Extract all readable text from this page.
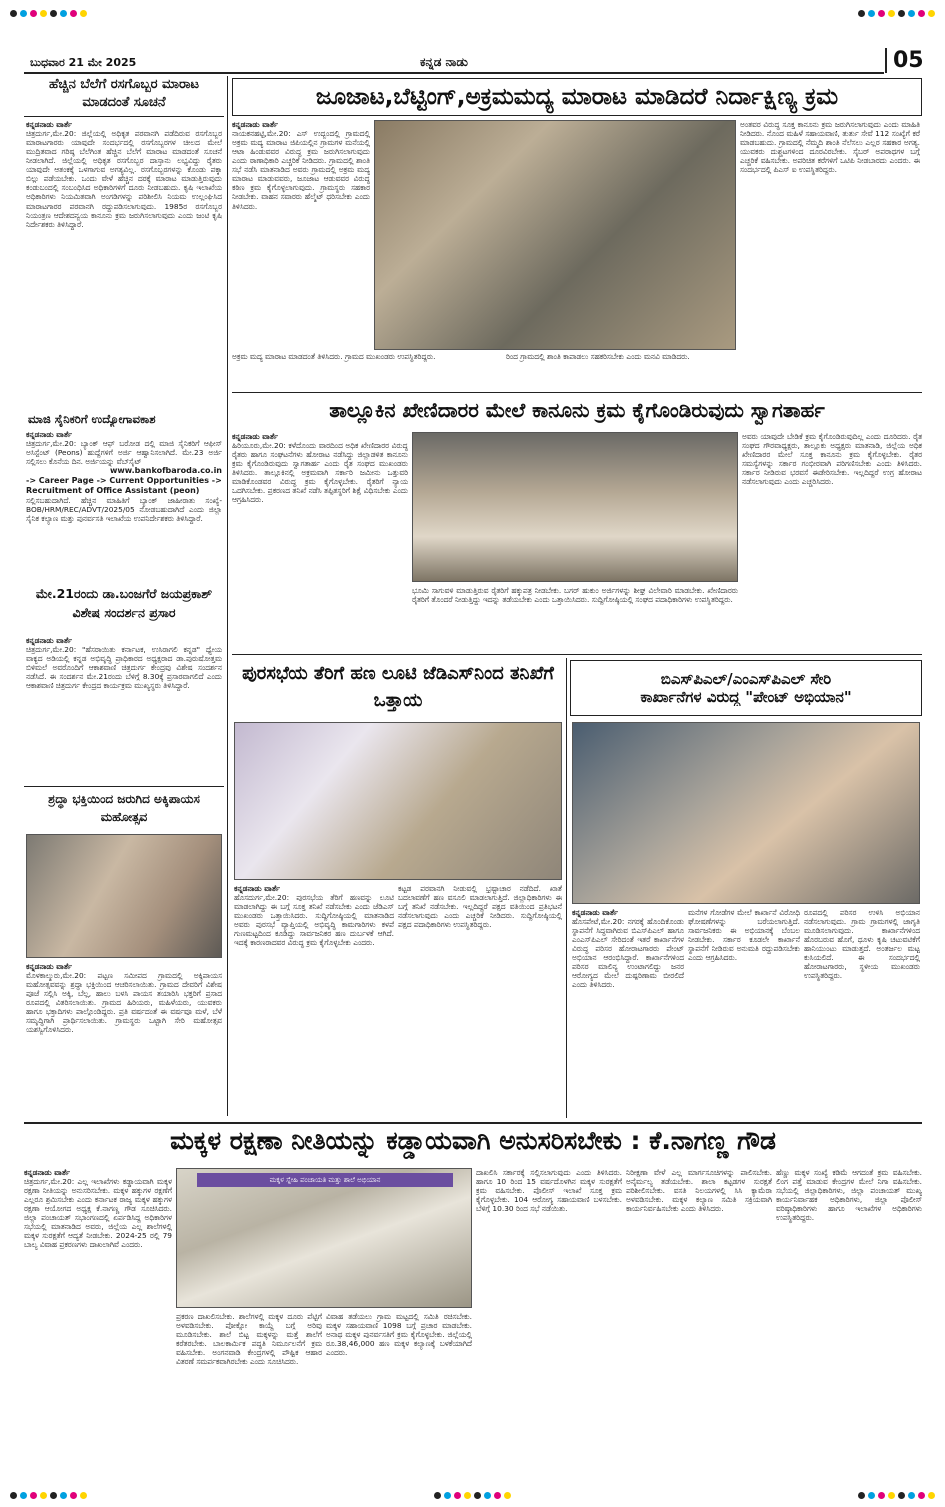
ಬುಧವಾರ 21 ಮೇ 2025	ಕನ್ನಡ ನಾಡು	05
ಹೆಚ್ಚಿನ ಬೆಲೆಗೆ ರಸಗೊಬ್ಬರ ಮಾರಾಟ ಮಾಡದಂತೆ ಸೂಚನೆ
ಕನ್ನಡನಾಡು ವಾರ್ತೆ
ಚಿತ್ರದುರ್ಗ,ಮೇ.20: ಜಿಲ್ಲೆಯಲ್ಲಿ ಅಧಿಕೃತ ಪರವಾನಗಿ ಪಡೆದಿರುವ ರಸಗೊಬ್ಬರ ಮಾರಾಟಗಾರರು ಯಾವುದೇ ಸಂದರ್ಭದಲ್ಲಿ ರಸಗೊಬ್ಬರಗಳ ಚೀಲದ ಮೇಲೆ ಮುದ್ರಿತವಾದ ಗರಿಷ್ಠ ಬೆಲೆಗಿಂತ ಹೆಚ್ಚಿನ ಬೆಲೆಗೆ ಮಾರಾಟ ಮಾಡದಂತೆ ಸೂಚನೆ ನೀಡಲಾಗಿದೆ. ಜಿಲ್ಲೆಯಲ್ಲಿ ಅಧಿಕೃತ ರಸಗೊಬ್ಬರ ದಾಸ್ತಾನು ಲಭ್ಯವಿದ್ದು ರೈತರು ಯಾವುದೇ ಆತಂಕಕ್ಕೆ ಒಳಗಾಗುವ ಅಗತ್ಯವಿಲ್ಲ. ರಸಗೊಬ್ಬರಗಳನ್ನು ಕೊಂಡು ಪಕ್ಕಾ ಬಿಲ್ಲು ಪಡೆಯಬೇಕು. ಒಂದು ವೇಳೆ ಹೆಚ್ಚಿನ ದರಕ್ಕೆ ಮಾರಾಟ ಮಾಡುತ್ತಿರುವುದು ಕಂಡುಬಂದಲ್ಲಿ ಸಂಬಂಧಿಸಿದ ಅಧಿಕಾರಿಗಳಿಗೆ ದೂರು ನೀಡಬಹುದು. ಕೃಷಿ ಇಲಾಖೆಯ ಅಧಿಕಾರಿಗಳು ನಿಯಮಿತವಾಗಿ ಅಂಗಡಿಗಳನ್ನು ಪರಿಶೀಲಿಸಿ ನಿಯಮ ಉಲ್ಲಂಘಿಸಿದ ಮಾರಾಟಗಾರರ ಪರವಾನಗಿ ರದ್ದುಪಡಿಸಲಾಗುವುದು. 1985ರ ರಸಗೊಬ್ಬರ ನಿಯಂತ್ರಣ ಆದೇಶದನ್ವಯ ಕಾನೂನು ಕ್ರಮ ಜರುಗಿಸಲಾಗುವುದು ಎಂದು ಜಂಟಿ ಕೃಷಿ ನಿರ್ದೇಶಕರು ತಿಳಿಸಿದ್ದಾರೆ.
ಮಾಜಿ ಸೈನಿಕರಿಗೆ ಉದ್ಯೋಗಾವಕಾಶ
ಕನ್ನಡನಾಡು ವಾರ್ತೆ
ಚಿತ್ರದುರ್ಗ,ಮೇ.20: ಬ್ಯಾಂಕ್ ಆಫ್ ಬರೋಡ ದಲ್ಲಿ ಮಾಜಿ ಸೈನಿಕರಿಗೆ ಆಫೀಸ್ ಅಸಿಸ್ಟೆಂಟ್ (Peons) ಹುದ್ದೆಗಳಿಗೆ ಅರ್ಜಿ ಆಹ್ವಾನಿಸಲಾಗಿದೆ. ಮೇ.23 ಅರ್ಜಿ ಸಲ್ಲಿಸಲು ಕೊನೆಯ ದಿನ. ಅರ್ಜಿಯನ್ನು ವೆಬ್‍ಸೈಟ್
www.bankofbaroda.co.in
-> Career Page -> Current Opportunities ->
Recruitment of Office Assistant (peon)
ಸಲ್ಲಿಸಬಹುದಾಗಿದೆ. ಹೆಚ್ಚಿನ ಮಾಹಿತಿಗೆ ಬ್ಯಾಂಕ್ ಜಾಹೀರಾತು ಸಂಖ್ಯೆ-BOB/HRM/REC/ADVT/2025/05 ನೋಡಬಹುದಾಗಿದೆ ಎಂದು ಜಿಲ್ಲಾ ಸೈನಿಕ ಕಲ್ಯಾಣ ಮತ್ತು ಪುನರ್ವಸತಿ ಇಲಾಖೆಯ ಉಪನಿರ್ದೇಶಕರು ತಿಳಿಸಿದ್ದಾರೆ.
ಮೇ.21ರಂದು ಡಾ.ಬಂಜಗೆರೆ ಜಯಪ್ರಕಾಶ್ ವಿಶೇಷ ಸಂದರ್ಶನ ಪ್ರಸಾರ
ಕನ್ನಡನಾಡು ವಾರ್ತೆ
ಚಿತ್ರದುರ್ಗ,ಮೇ.20: "ಹೆಸರಾಯಿತು ಕರ್ನಾಟಕ, ಉಸಿರಾಗಲಿ ಕನ್ನಡ" ಧ್ಯೇಯ ವಾಕ್ಯದ ಅಡಿಯಲ್ಲಿ ಕನ್ನಡ ಅಭಿವೃದ್ಧಿ ಪ್ರಾಧಿಕಾರದ ಅಧ್ಯಕ್ಷರಾದ ಡಾ.ಪುರುಷೋತ್ತಮ ಬಿಳಿಮಲೆ ಅವರೊಂದಿಗೆ ಆಕಾಶವಾಣಿ ಚಿತ್ರದುರ್ಗ ಕೇಂದ್ರವು ವಿಶೇಷ ಸಂದರ್ಶನ ನಡೆಸಿದೆ. ಈ ಸಂದರ್ಶನ ಮೇ.21ರಂದು ಬೆಳಿಗ್ಗೆ 8.30ಕ್ಕೆ ಪ್ರಸಾರವಾಗಲಿದೆ ಎಂದು ಆಕಾಶವಾಣಿ ಚಿತ್ರದುರ್ಗ ಕೇಂದ್ರದ ಕಾರ್ಯಕ್ರಮ ಮುಖ್ಯಸ್ಥರು ತಿಳಿಸಿದ್ದಾರೆ.
ಶ್ರದ್ಧಾ ಭಕ್ತಿಯಿಂದ ಜರುಗಿದ ಅಕ್ಕಿಪಾಯಸ ಮಹೋತ್ಸವ
ಕನ್ನಡನಾಡು ವಾರ್ತೆ
ಮೊಳಕಾಲ್ಮುರು,ಮೇ.20: ಪಟ್ಟಣ ಸಮೀಪದ ಗ್ರಾಮದಲ್ಲಿ ಅಕ್ಕಿಪಾಯಸ ಮಹೋತ್ಸವವನ್ನು ಶ್ರದ್ಧಾ ಭಕ್ತಿಯಿಂದ ಆಚರಿಸಲಾಯಿತು. ಗ್ರಾಮದ ದೇವರಿಗೆ ವಿಶೇಷ ಪೂಜೆ ಸಲ್ಲಿಸಿ ಅಕ್ಕಿ, ಬೆಲ್ಲ, ಹಾಲು ಬಳಸಿ ಪಾಯಸ ತಯಾರಿಸಿ ಭಕ್ತರಿಗೆ ಪ್ರಸಾದ ರೂಪದಲ್ಲಿ ವಿತರಿಸಲಾಯಿತು. ಗ್ರಾಮದ ಹಿರಿಯರು, ಮಹಿಳೆಯರು, ಯುವಕರು ಹಾಗೂ ಭಕ್ತಾದಿಗಳು ಪಾಲ್ಗೊಂಡಿದ್ದರು. ಪ್ರತಿ ವರ್ಷದಂತೆ ಈ ವರ್ಷವೂ ಮಳೆ, ಬೆಳೆ ಸಮೃದ್ಧಿಗಾಗಿ ಪ್ರಾರ್ಥಿಸಲಾಯಿತು. ಗ್ರಾಮಸ್ಥರು ಒಟ್ಟಾಗಿ ಸೇರಿ ಮಹೋತ್ಸವ ಯಶಸ್ವಿಗೊಳಿಸಿದರು.
ಜೂಜಾಟ,ಬೆಟ್ಟಿಂಗ್,ಅಕ್ರಮಮದ್ಯ ಮಾರಾಟ ಮಾಡಿದರೆ ನಿರ್ದಾಕ್ಷಿಣ್ಯ ಕ್ರಮ
ಕನ್ನಡನಾಡು ವಾರ್ತೆ
ನಾಯಕನಹಟ್ಟಿ,ಮೇ.20: ಎಸ್ ಉದ್ಬಂದಲ್ಲಿ ಗ್ರಾಮದಲ್ಲಿ ಅಕ್ರಮ ಮದ್ಯ ಮಾರಾಟ ಜಿಪಿಯಲ್ಲಿನ ಗ್ರಾಮಗಳ ಮನೆಯಲ್ಲಿ ಆಟಾ ಹಿಂಡುವವರ ವಿರುದ್ಧ ಕ್ರಮ ಜರುಗಿಸಲಾಗುವುದು ಎಂದು ಠಾಣಾಧಿಕಾರಿ ಎಚ್ಚರಿಕೆ ನೀಡಿದರು. ಗ್ರಾಮದಲ್ಲಿ ಶಾಂತಿ ಸಭೆ ನಡೆಸಿ ಮಾತನಾಡಿದ ಅವರು ಗ್ರಾಮದಲ್ಲಿ ಅಕ್ರಮ ಮದ್ಯ ಮಾರಾಟ ಮಾಡುವವರು, ಜೂಜಾಟ ಆಡುವವರ ವಿರುದ್ಧ ಕಠಿಣ ಕ್ರಮ ಕೈಗೊಳ್ಳಲಾಗುವುದು. ಗ್ರಾಮಸ್ಥರು ಸಹಕಾರ ನೀಡಬೇಕು. ವಾಹನ ಸವಾರರು ಹೆಲ್ಮೆಟ್ ಧರಿಸಬೇಕು ಎಂದು ತಿಳಿಸಿದರು.
ಅಕ್ರಮ ಮದ್ಯ ಮಾರಾಟ ಮಾಡದಂತೆ ತಿಳಿಸಿದರು. ಗ್ರಾಮದ ಮುಖಂಡರು ಉಪಸ್ಥಿತರಿದ್ದರು.	ರಿಂದ ಗ್ರಾಮದಲ್ಲಿ ಶಾಂತಿ ಕಾಪಾಡಲು ಸಹಕರಿಸಬೇಕು ಎಂದು ಮನವಿ ಮಾಡಿದರು.
ಅಂತವರ ವಿರುದ್ಧ ಸೂಕ್ತ ಕಾನೂನು ಕ್ರಮ ಜರುಗಿಸಲಾಗುವುದು ಎಂದು ಮಾಹಿತಿ ನೀಡಿದರು. ನೊಂದ ಮಹಿಳೆ ಸಹಾಯವಾಣಿ, ತುರ್ತು ಸೇವೆ 112 ಸಂಖ್ಯೆಗೆ ಕರೆ ಮಾಡಬಹುದು. ಗ್ರಾಮದಲ್ಲಿ ನೆಮ್ಮದಿ ಶಾಂತಿ ನೆಲೆಸಲು ಎಲ್ಲರ ಸಹಕಾರ ಅಗತ್ಯ. ಯುವಕರು ದುಶ್ಚಟಗಳಿಂದ ದೂರವಿರಬೇಕು. ಸೈಬರ್ ಅಪರಾಧಗಳ ಬಗ್ಗೆ ಎಚ್ಚರಿಕೆ ವಹಿಸಬೇಕು. ಅಪರಿಚಿತ ಕರೆಗಳಿಗೆ ಒಟಿಪಿ ನೀಡಬಾರದು ಎಂದರು. ಈ ಸಂದರ್ಭದಲ್ಲಿ ಪಿಎಸ್ ಐ ಉಪಸ್ಥಿತರಿದ್ದರು.
ತಾಲ್ಲೂಕಿನ ಖೇಣಿದಾರರ ಮೇಲೆ ಕಾನೂನು ಕ್ರಮ ಕೈಗೊಂಡಿರುವುದು ಸ್ವಾಗತಾರ್ಹ
ಕನ್ನಡನಾಡು ವಾರ್ತೆ
ಹಿರಿಯೂರು,ಮೇ.20: ಕಳೆದೊಂದು ವಾರದಿಂದ ಅಧಿಕ ಖೇಣಿದಾರರ ವಿರುದ್ಧ ರೈತರು ಹಾಗೂ ಸಂಘಟನೆಗಳು ಹೋರಾಟ ನಡೆಸಿದ್ದು ಜಿಲ್ಲಾಡಳಿತ ಕಾನೂನು ಕ್ರಮ ಕೈಗೊಂಡಿರುವುದು ಸ್ವಾಗತಾರ್ಹ ಎಂದು ರೈತ ಸಂಘದ ಮುಖಂಡರು ತಿಳಿಸಿದರು. ತಾಲ್ಲೂಕಿನಲ್ಲಿ ಅಕ್ರಮವಾಗಿ ಸರ್ಕಾರಿ ಜಮೀನು ಒತ್ತುವರಿ ಮಾಡಿಕೊಂಡವರ ವಿರುದ್ಧ ಕ್ರಮ ಕೈಗೊಳ್ಳಬೇಕು. ರೈತರಿಗೆ ನ್ಯಾಯ ಒದಗಿಸಬೇಕು. ಪ್ರಕರಣದ ತನಿಖೆ ನಡೆಸಿ ತಪ್ಪಿತಸ್ಥರಿಗೆ ಶಿಕ್ಷೆ ವಿಧಿಸಬೇಕು ಎಂದು ಆಗ್ರಹಿಸಿದರು.
ಭೂಮಿ ಸಾಗುವಳಿ ಮಾಡುತ್ತಿರುವ ರೈತರಿಗೆ ಹಕ್ಕುಪತ್ರ ನೀಡಬೇಕು. ಬಗರ್ ಹುಕುಂ ಅರ್ಜಿಗಳನ್ನು ಶೀಘ್ರ ವಿಲೇವಾರಿ ಮಾಡಬೇಕು. ಖೇಣಿದಾರರು ರೈತರಿಗೆ ತೊಂದರೆ ನೀಡುತ್ತಿದ್ದು ಇದನ್ನು ತಡೆಯಬೇಕು ಎಂದು ಒತ್ತಾಯಿಸಿದರು. ಸುದ್ದಿಗೋಷ್ಠಿಯಲ್ಲಿ ಸಂಘದ ಪದಾಧಿಕಾರಿಗಳು ಉಪಸ್ಥಿತರಿದ್ದರು.
ಅವರು ಯಾವುದೇ ಬೇಡಿಕೆ ಕ್ರಮ ಕೈಗೊಂಡಿರುವುದಿಲ್ಲ ಎಂದು ದೂರಿದರು. ರೈತ ಸಂಘದ ಗೌರವಾಧ್ಯಕ್ಷರು, ತಾಲ್ಲೂಕು ಅಧ್ಯಕ್ಷರು ಮಾತನಾಡಿ, ಜಿಲ್ಲೆಯ ಅಧಿಕ ಖೇಣಿದಾರರ ಮೇಲೆ ಸೂಕ್ತ ಕಾನೂನು ಕ್ರಮ ಕೈಗೊಳ್ಳಬೇಕು. ರೈತರ ಸಮಸ್ಯೆಗಳನ್ನು ಸರ್ಕಾರ ಗಂಭೀರವಾಗಿ ಪರಿಗಣಿಸಬೇಕು ಎಂದು ತಿಳಿಸಿದರು. ಸರ್ಕಾರ ನೀಡಿರುವ ಭರವಸೆ ಈಡೇರಿಸಬೇಕು. ಇಲ್ಲದಿದ್ದರೆ ಉಗ್ರ ಹೋರಾಟ ನಡೆಸಲಾಗುವುದು ಎಂದು ಎಚ್ಚರಿಸಿದರು.
ಪುರಸಭೆಯ ತೆರಿಗೆ ಹಣ ಲೂಟಿ ಜೆಡಿಎಸ್‌ನಿಂದ ತನಿಖೆಗೆ ಒತ್ತಾಯ
ಕನ್ನಡನಾಡು ವಾರ್ತೆ
ಹೊಸದುರ್ಗ,ಮೇ.20: ಪುರಸಭೆಯ ತೆರಿಗೆ ಹಣವನ್ನು ಲೂಟಿ ಮಾಡಲಾಗಿದ್ದು ಈ ಬಗ್ಗೆ ಸೂಕ್ತ ತನಿಖೆ ನಡೆಸಬೇಕು ಎಂದು ಜೆಡಿಎಸ್ ಮುಖಂಡರು ಒತ್ತಾಯಿಸಿದರು. ಸುದ್ದಿಗೋಷ್ಠಿಯಲ್ಲಿ ಮಾತನಾಡಿದ ಅವರು ಪುರಸಭೆ ವ್ಯಾಪ್ತಿಯಲ್ಲಿ ಅಭಿವೃದ್ಧಿ ಕಾಮಗಾರಿಗಳು ಕಳಪೆ ಗುಣಮಟ್ಟದಿಂದ ಕೂಡಿದ್ದು ಸಾರ್ವಜನಿಕರ ಹಣ ದುರ್ಬಳಕೆ ಆಗಿದೆ. ಇದಕ್ಕೆ ಕಾರಣರಾದವರ ವಿರುದ್ಧ ಕ್ರಮ ಕೈಗೊಳ್ಳಬೇಕು ಎಂದರು.
ಕಟ್ಟಡ ಪರವಾನಗಿ ನೀಡುವಲ್ಲಿ ಭ್ರಷ್ಟಾಚಾರ ನಡೆದಿದೆ. ಖಾತೆ ಬದಲಾವಣೆಗೆ ಹಣ ವಸೂಲಿ ಮಾಡಲಾಗುತ್ತಿದೆ. ಜಿಲ್ಲಾಧಿಕಾರಿಗಳು ಈ ಬಗ್ಗೆ ತನಿಖೆ ನಡೆಸಬೇಕು. ಇಲ್ಲದಿದ್ದರೆ ಪಕ್ಷದ ವತಿಯಿಂದ ಪ್ರತಿಭಟನೆ ನಡೆಸಲಾಗುವುದು ಎಂದು ಎಚ್ಚರಿಕೆ ನೀಡಿದರು. ಸುದ್ದಿಗೋಷ್ಠಿಯಲ್ಲಿ ಪಕ್ಷದ ಪದಾಧಿಕಾರಿಗಳು ಉಪಸ್ಥಿತರಿದ್ದರು.
ಬಿಎಸ್‌ಪಿಎಲ್/ಎಂಎಸ್‌ಪಿಎಲ್ ಸೇರಿ
ಕಾರ್ಖಾನೆಗಳ ವಿರುದ್ಧ "ಪೇಂಟ್ ಅಭಿಯಾನ"
ಕನ್ನಡನಾಡು ವಾರ್ತೆ
ಹೊಸಪೇಟೆ,ಮೇ.20: ನಗರಕ್ಕೆ ಹೊಂದಿಕೊಂಡು ಸ್ಥಾಪನೆಗೆ ಸಿದ್ಧವಾಗಿರುವ ಬಿಎಸ್‌ಪಿಎಲ್ ಹಾಗೂ ಎಂಎಸ್‌ಪಿಎಲ್ ಸೇರಿದಂತೆ ಇತರೆ ಕಾರ್ಖಾನೆಗಳ ವಿರುದ್ಧ ಪರಿಸರ ಹೋರಾಟಗಾರರು ಪೇಂಟ್ ಅಭಿಯಾನ ಆರಂಭಿಸಿದ್ದಾರೆ. ಕಾರ್ಖಾನೆಗಳಿಂದ ಪರಿಸರ ಮಾಲಿನ್ಯ ಉಂಟಾಗಲಿದ್ದು ಜನರ ಆರೋಗ್ಯದ ಮೇಲೆ ದುಷ್ಪರಿಣಾಮ ಬೀರಲಿದೆ ಎಂದು ತಿಳಿಸಿದರು.
ಮನೆಗಳ ಗೋಡೆಗಳ ಮೇಲೆ ಕಾರ್ಖಾನೆ ವಿರೋಧಿ ಘೋಷಣೆಗಳನ್ನು ಬರೆಯಲಾಗುತ್ತಿದೆ. ಸಾರ್ವಜನಿಕರು ಈ ಅಭಿಯಾನಕ್ಕೆ ಬೆಂಬಲ ನೀಡಬೇಕು. ಸರ್ಕಾರ ಕೂಡಲೇ ಕಾರ್ಖಾನೆ ಸ್ಥಾಪನೆಗೆ ನೀಡಿರುವ ಅನುಮತಿ ರದ್ದುಪಡಿಸಬೇಕು ಎಂದು ಆಗ್ರಹಿಸಿದರು.
ರೂಪದಲ್ಲಿ ಪರಿಸರ ಉಳಿಸಿ ಅಭಿಯಾನ ನಡೆಸಲಾಗುವುದು. ಗ್ರಾಮ ಗ್ರಾಮಗಳಲ್ಲಿ ಜಾಗೃತಿ ಮೂಡಿಸಲಾಗುವುದು. ಕಾರ್ಖಾನೆಗಳಿಂದ ಹೊರಬರುವ ಹೊಗೆ, ಧೂಳು ಕೃಷಿ ಚಟುವಟಿಕೆಗೆ ಹಾನಿಯುಂಟು ಮಾಡುತ್ತದೆ. ಅಂತರ್ಜಲ ಮಟ್ಟ ಕುಸಿಯಲಿದೆ. ಈ ಸಂದರ್ಭದಲ್ಲಿ ಹೋರಾಟಗಾರರು, ಸ್ಥಳೀಯ ಮುಖಂಡರು ಉಪಸ್ಥಿತರಿದ್ದರು.
ಮಕ್ಕಳ ರಕ್ಷಣಾ ನೀತಿಯನ್ನು ಕಡ್ಡಾಯವಾಗಿ ಅನುಸರಿಸಬೇಕು : ಕೆ.ನಾಗಣ್ಣ ಗೌಡ
ಕನ್ನಡನಾಡು ವಾರ್ತೆ
ಚಿತ್ರದುರ್ಗ,ಮೇ.20: ಎಲ್ಲ ಇಲಾಖೆಗಳು ಕಡ್ಡಾಯವಾಗಿ ಮಕ್ಕಳ ರಕ್ಷಣಾ ನೀತಿಯನ್ನು ಅನುಸರಿಸಬೇಕು. ಮಕ್ಕಳ ಹಕ್ಕುಗಳ ರಕ್ಷಣೆಗೆ ಎಲ್ಲರೂ ಶ್ರಮಿಸಬೇಕು ಎಂದು ಕರ್ನಾಟಕ ರಾಜ್ಯ ಮಕ್ಕಳ ಹಕ್ಕುಗಳ ರಕ್ಷಣಾ ಆಯೋಗದ ಅಧ್ಯಕ್ಷ ಕೆ.ನಾಗಣ್ಣ ಗೌಡ ಸೂಚಿಸಿದರು. ಜಿಲ್ಲಾ ಪಂಚಾಯತ್ ಸಭಾಂಗಣದಲ್ಲಿ ಏರ್ಪಡಿಸಿದ್ದ ಅಧಿಕಾರಿಗಳ ಸಭೆಯಲ್ಲಿ ಮಾತನಾಡಿದ ಅವರು, ಜಿಲ್ಲೆಯ ಎಲ್ಲ ಶಾಲೆಗಳಲ್ಲಿ ಮಕ್ಕಳ ಸುರಕ್ಷತೆಗೆ ಆದ್ಯತೆ ನೀಡಬೇಕು. 2024-25 ರಲ್ಲಿ 79 ಬಾಲ್ಯ ವಿವಾಹ ಪ್ರಕರಣಗಳು ದಾಖಲಾಗಿವೆ ಎಂದರು.
ಮಕ್ಕಳ ಸ್ನೇಹಿ ಪಂಚಾಯತಿ ಮತ್ತು ಶಾಲೆ ಅಭಿಯಾನ
ಪ್ರಕರಣ ದಾಖಲಿಸಬೇಕು. ಶಾಲೆಗಳಲ್ಲಿ ಮಕ್ಕಳ ದೂರು ಪೆಟ್ಟಿಗೆ ಅಳವಡಿಸಬೇಕು. ಪೋಕ್ಸೋ ಕಾಯ್ದೆ ಬಗ್ಗೆ ಅರಿವು ಮೂಡಿಸಬೇಕು. ಶಾಲೆ ಬಿಟ್ಟ ಮಕ್ಕಳನ್ನು ಮತ್ತೆ ಶಾಲೆಗೆ ಕರೆತರಬೇಕು. ಬಾಲಕಾರ್ಮಿಕ ಪದ್ಧತಿ ನಿರ್ಮೂಲನೆಗೆ ಕ್ರಮ ವಹಿಸಬೇಕು. ಅಂಗನವಾಡಿ ಕೇಂದ್ರಗಳಲ್ಲಿ ಪೌಷ್ಟಿಕ ಆಹಾರ ವಿತರಣೆ ಸಮರ್ಪಕವಾಗಿರಬೇಕು ಎಂದು ಸೂಚಿಸಿದರು.
ವಿವಾಹ ತಡೆಯಲು ಗ್ರಾಮ ಮಟ್ಟದಲ್ಲಿ ಸಮಿತಿ ರಚಿಸಬೇಕು. ಮಕ್ಕಳ ಸಹಾಯವಾಣಿ 1098 ಬಗ್ಗೆ ಪ್ರಚಾರ ಮಾಡಬೇಕು. ಅನಾಥ ಮಕ್ಕಳ ಪುನರ್ವಸತಿಗೆ ಕ್ರಮ ಕೈಗೊಳ್ಳಬೇಕು. ಜಿಲ್ಲೆಯಲ್ಲಿ ರೂ.38,46,000 ಹಣ ಮಕ್ಕಳ ಕಲ್ಯಾಣಕ್ಕೆ ಬಳಕೆಯಾಗಿದೆ ಎಂದರು.
ದಾಖಲಿಸಿ ಸರ್ಕಾರಕ್ಕೆ ಸಲ್ಲಿಸಲಾಗುವುದು ಎಂದು ತಿಳಿಸಿದರು. ಹಾಗೂ 10 ರಿಂದ 15 ವರ್ಷದೊಳಗಿನ ಮಕ್ಕಳ ಸುರಕ್ಷತೆಗೆ ಕ್ರಮ ವಹಿಸಬೇಕು. ಪೊಲೀಸ್ ಇಲಾಖೆ ಸೂಕ್ತ ಕ್ರಮ ಕೈಗೊಳ್ಳಬೇಕು. 104 ಆರೋಗ್ಯ ಸಹಾಯವಾಣಿ ಬಳಸಬೇಕು. ಬೆಳಿಗ್ಗೆ 10.30 ರಿಂದ ಸಭೆ ನಡೆಯಿತು.
ನಿರೀಕ್ಷಣಾ ವೇಳೆ ಎಲ್ಲ ಮಾರ್ಗಸೂಚಿಗಳನ್ನು ಪಾಲಿಸಬೇಕು. ಅನೈರ್ಮಲ್ಯ ತಡೆಯಬೇಕು. ಶಾಲಾ ಕಟ್ಟಡಗಳ ಸುರಕ್ಷತೆ ಪರಿಶೀಲಿಸಬೇಕು. ವಸತಿ ನಿಲಯಗಳಲ್ಲಿ ಸಿಸಿ ಕ್ಯಾಮೆರಾ ಅಳವಡಿಸಬೇಕು. ಮಕ್ಕಳ ಕಲ್ಯಾಣ ಸಮಿತಿ ಸಕ್ರಿಯವಾಗಿ ಕಾರ್ಯನಿರ್ವಹಿಸಬೇಕು ಎಂದು ತಿಳಿಸಿದರು.
ಹೆಣ್ಣು ಮಕ್ಕಳ ಸಂಖ್ಯೆ ಕಡಿಮೆ ಆಗದಂತೆ ಕ್ರಮ ವಹಿಸಬೇಕು. ಲಿಂಗ ಪತ್ತೆ ಮಾಡುವ ಕೇಂದ್ರಗಳ ಮೇಲೆ ನಿಗಾ ವಹಿಸಬೇಕು. ಸಭೆಯಲ್ಲಿ ಜಿಲ್ಲಾಧಿಕಾರಿಗಳು, ಜಿಲ್ಲಾ ಪಂಚಾಯತ್ ಮುಖ್ಯ ಕಾರ್ಯನಿರ್ವಾಹಕ ಅಧಿಕಾರಿಗಳು, ಜಿಲ್ಲಾ ಪೊಲೀಸ್ ವರಿಷ್ಠಾಧಿಕಾರಿಗಳು ಹಾಗೂ ಇಲಾಖೆಗಳ ಅಧಿಕಾರಿಗಳು ಉಪಸ್ಥಿತರಿದ್ದರು.
